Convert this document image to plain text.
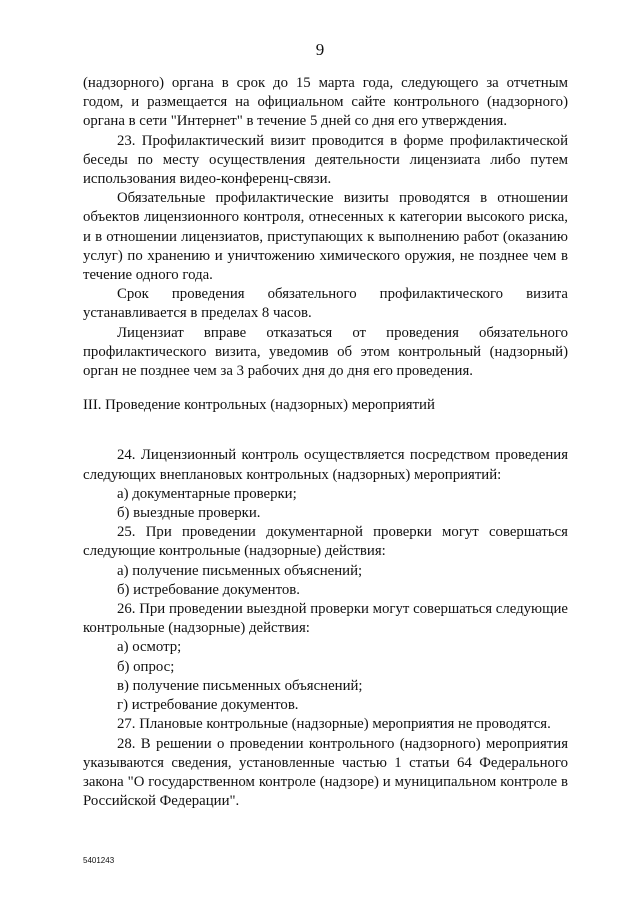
9

(надзорного) органа в срок до 15 марта года, следующего за отчетным годом, и размещается на официальном сайте контрольного (надзорного) органа в сети "Интернет" в течение 5 дней со дня его утверждения.

23. Профилактический визит проводится в форме профилактической беседы по месту осуществления деятельности лицензиата либо путем использования видео-конференц-связи.

Обязательные профилактические визиты проводятся в отношении объектов лицензионного контроля, отнесенных к категории высокого риска, и в отношении лицензиатов, приступающих к выполнению работ (оказанию услуг) по хранению и уничтожению химического оружия, не позднее чем в течение одного года.

Срок проведения обязательного профилактического визита устанавливается в пределах 8 часов.

Лицензиат вправе отказаться от проведения обязательного профилактического визита, уведомив об этом контрольный (надзорный) орган не позднее чем за 3 рабочих дня до дня его проведения.

III. Проведение контрольных (надзорных) мероприятий

24. Лицензионный контроль осуществляется посредством проведения следующих внеплановых контрольных (надзорных) мероприятий:

а) документарные проверки;

б) выездные проверки.

25. При проведении документарной проверки могут совершаться следующие контрольные (надзорные) действия:

а) получение письменных объяснений;

б) истребование документов.

26. При проведении выездной проверки могут совершаться следующие контрольные (надзорные) действия:

а) осмотр;

б) опрос;

в) получение письменных объяснений;

г) истребование документов.

27. Плановые контрольные (надзорные) мероприятия не проводятся.

28. В решении о проведении контрольного (надзорного) мероприятия указываются сведения, установленные частью 1 статьи 64 Федерального закона "О государственном контроле (надзоре) и муниципальном контроле в Российской Федерации".

5401243
